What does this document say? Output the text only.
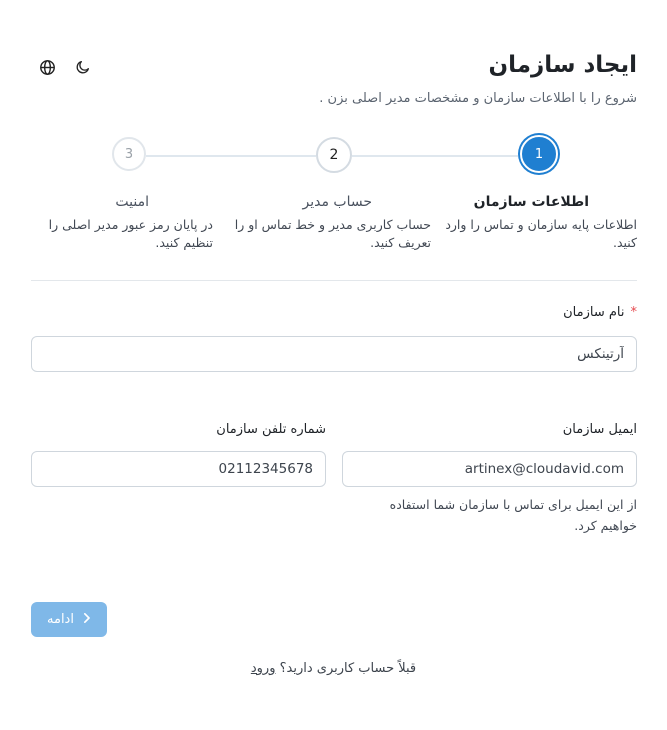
ایجاد سازمان
شروع را با اطلاعات سازمان و مشخصات مدیر اصلی بزن .
3	2	1
اطلاعات سازمان
اطلاعات پایه سازمان و تماس را وارد کنید.
حساب مدیر
حساب کاربری مدیر و خط تماس او را تعریف کنید.
امنیت
در پایان رمز عبور مدیر اصلی را تنظیم کنید.
*نام سازمان
آرتینکس
ایمیل سازمان
artinex@cloudavid.com
از این ایمیل برای تماس با سازمان شما استفاده خواهیم کرد.
شماره تلفن سازمان
02112345678
ادامه
قبلاً حساب کاربری دارید؟ ورود
